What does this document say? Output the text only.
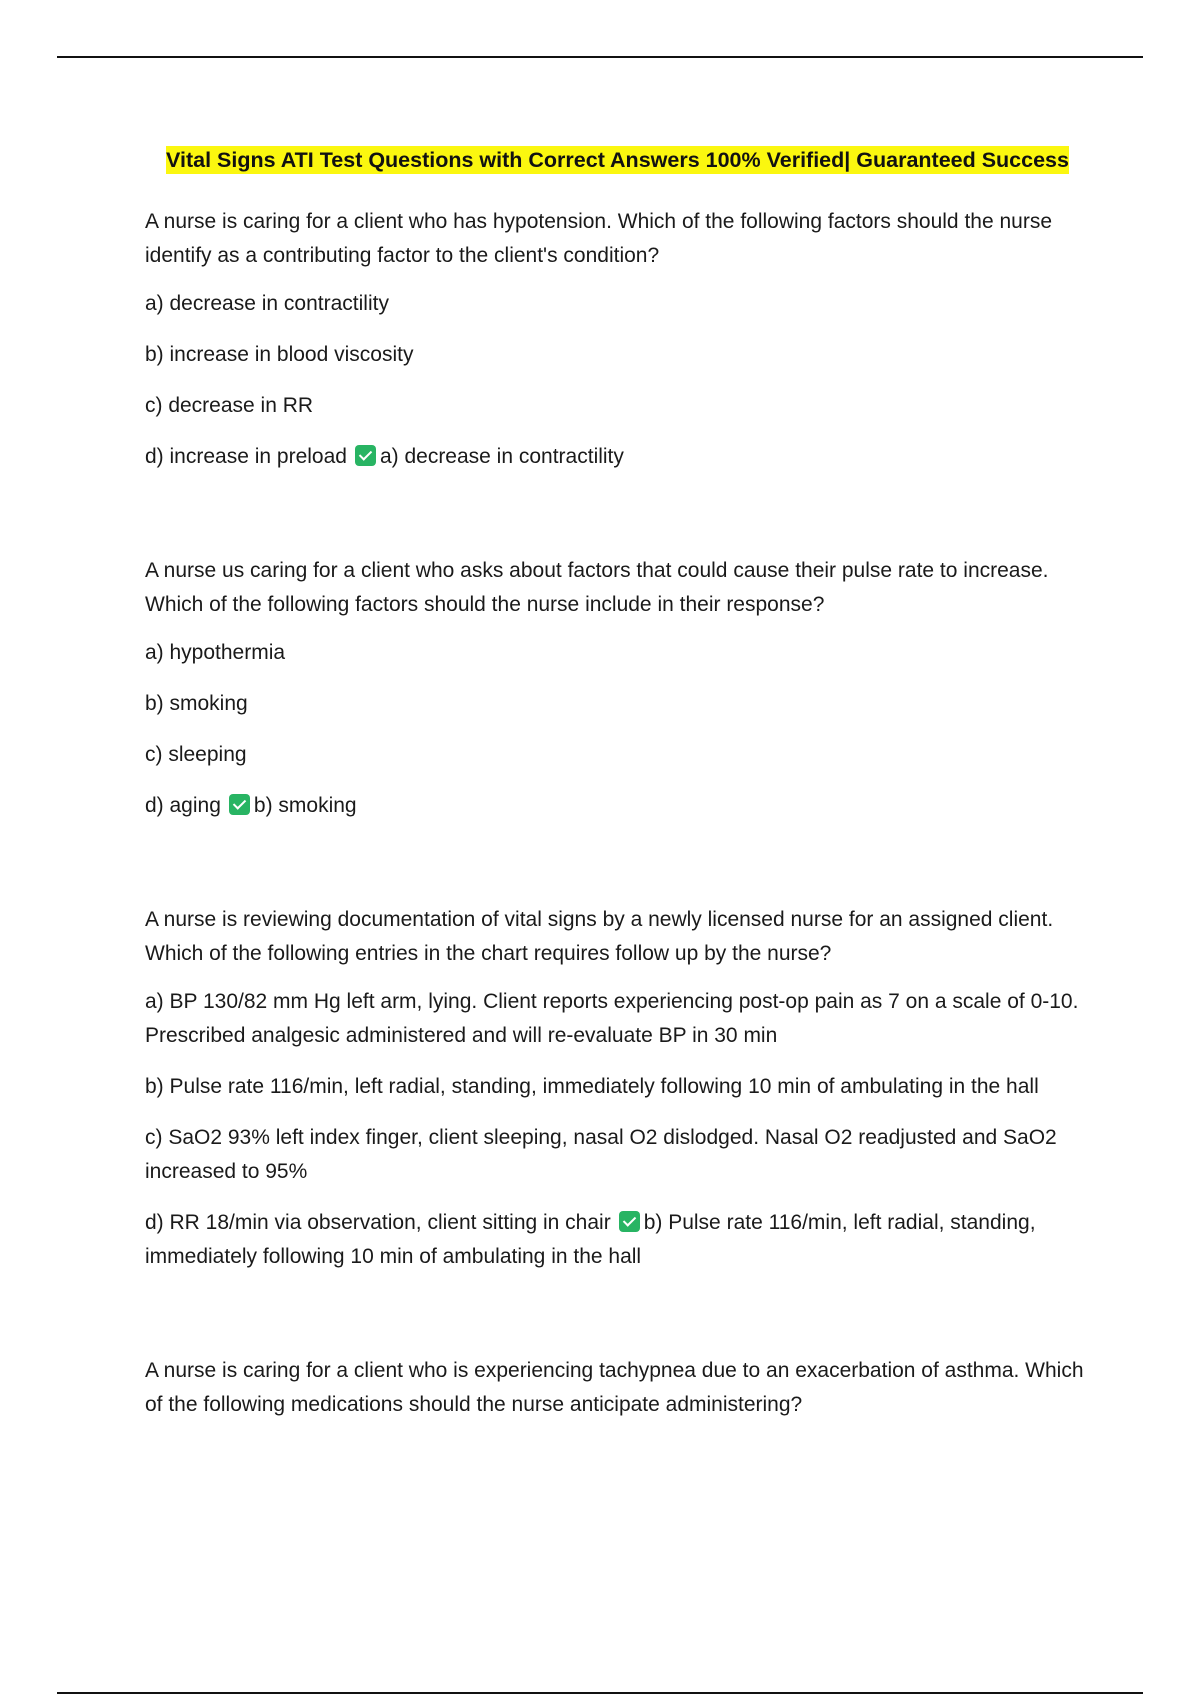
Vital Signs ATI Test Questions with Correct Answers 100% Verified| Guaranteed Success

A nurse is caring for a client who has hypotension. Which of the following factors should the nurse identify as a contributing factor to the client's condition?

a) decrease in contractility

b) increase in blood viscosity

c) decrease in RR

d) increase in preload a) decrease in contractility

A nurse us caring for a client who asks about factors that could cause their pulse rate to increase. Which of the following factors should the nurse include in their response?

a) hypothermia

b) smoking

c) sleeping

d) aging b) smoking

A nurse is reviewing documentation of vital signs by a newly licensed nurse for an assigned client. Which of the following entries in the chart requires follow up by the nurse?

a) BP 130/82 mm Hg left arm, lying. Client reports experiencing post-op pain as 7 on a scale of 0-10. Prescribed analgesic administered and will re-evaluate BP in 30 min

b) Pulse rate 116/min, left radial, standing, immediately following 10 min of ambulating in the hall

c) SaO2 93% left index finger, client sleeping, nasal O2 dislodged. Nasal O2 readjusted and SaO2 increased to 95%

d) RR 18/min via observation, client sitting in chair b) Pulse rate 116/min, left radial, standing, immediately following 10 min of ambulating in the hall

A nurse is caring for a client who is experiencing tachypnea due to an exacerbation of asthma. Which of the following medications should the nurse anticipate administering?
